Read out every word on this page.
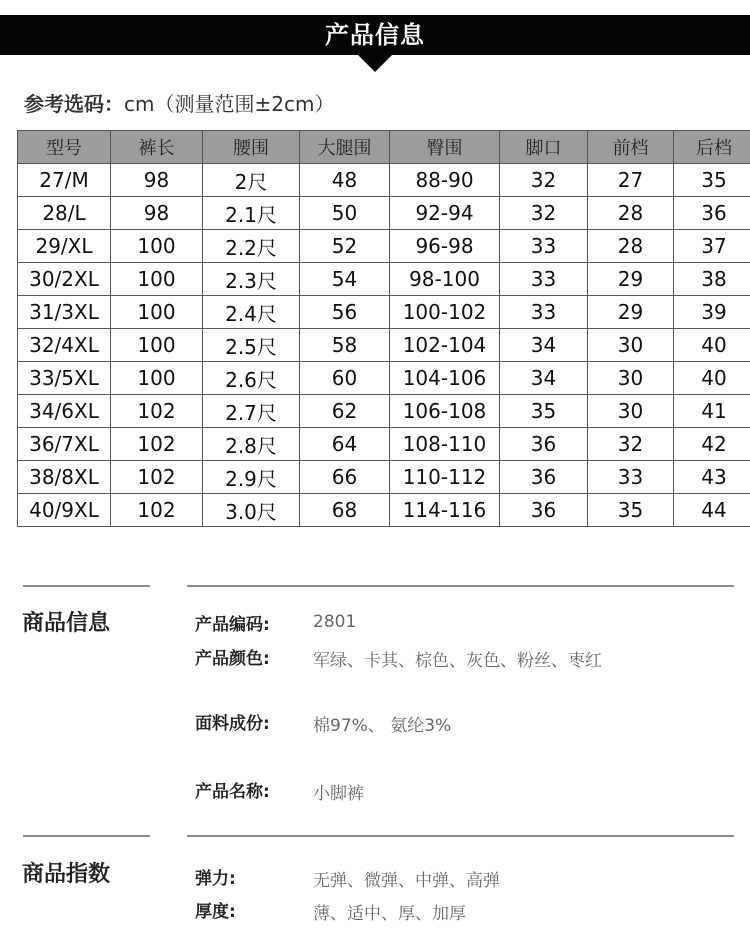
产品信息
参考选码：cm（测量范围±2cm）
型号	裤长	腰围	大腿围	臀围	脚口	前档	后档
27/M	98	2尺	48	88-90	32	27	35
28/L	98	2.1尺	50	92-94	32	28	36
29/XL	100	2.2尺	52	96-98	33	28	37
30/2XL	100	2.3尺	54	98-100	33	29	38
31/3XL	100	2.4尺	56	100-102	33	29	39
32/4XL	100	2.5尺	58	102-104	34	30	40
33/5XL	100	2.6尺	60	104-106	34	30	40
34/6XL	102	2.7尺	62	106-108	35	30	41
36/7XL	102	2.8尺	64	108-110	36	32	42
38/8XL	102	2.9尺	66	110-112	36	33	43
40/9XL	102	3.0尺	68	114-116	36	35	44
商品信息	产品编码:	2801
产品颜色:	军绿、卡其、棕色、灰色、粉丝、枣红
面料成份:	棉97%、 氨纶3%
产品名称:	小脚裤
商品指数	弹力:	无弹、微弹、中弹、高弹
厚度:	薄、适中、厚、加厚
